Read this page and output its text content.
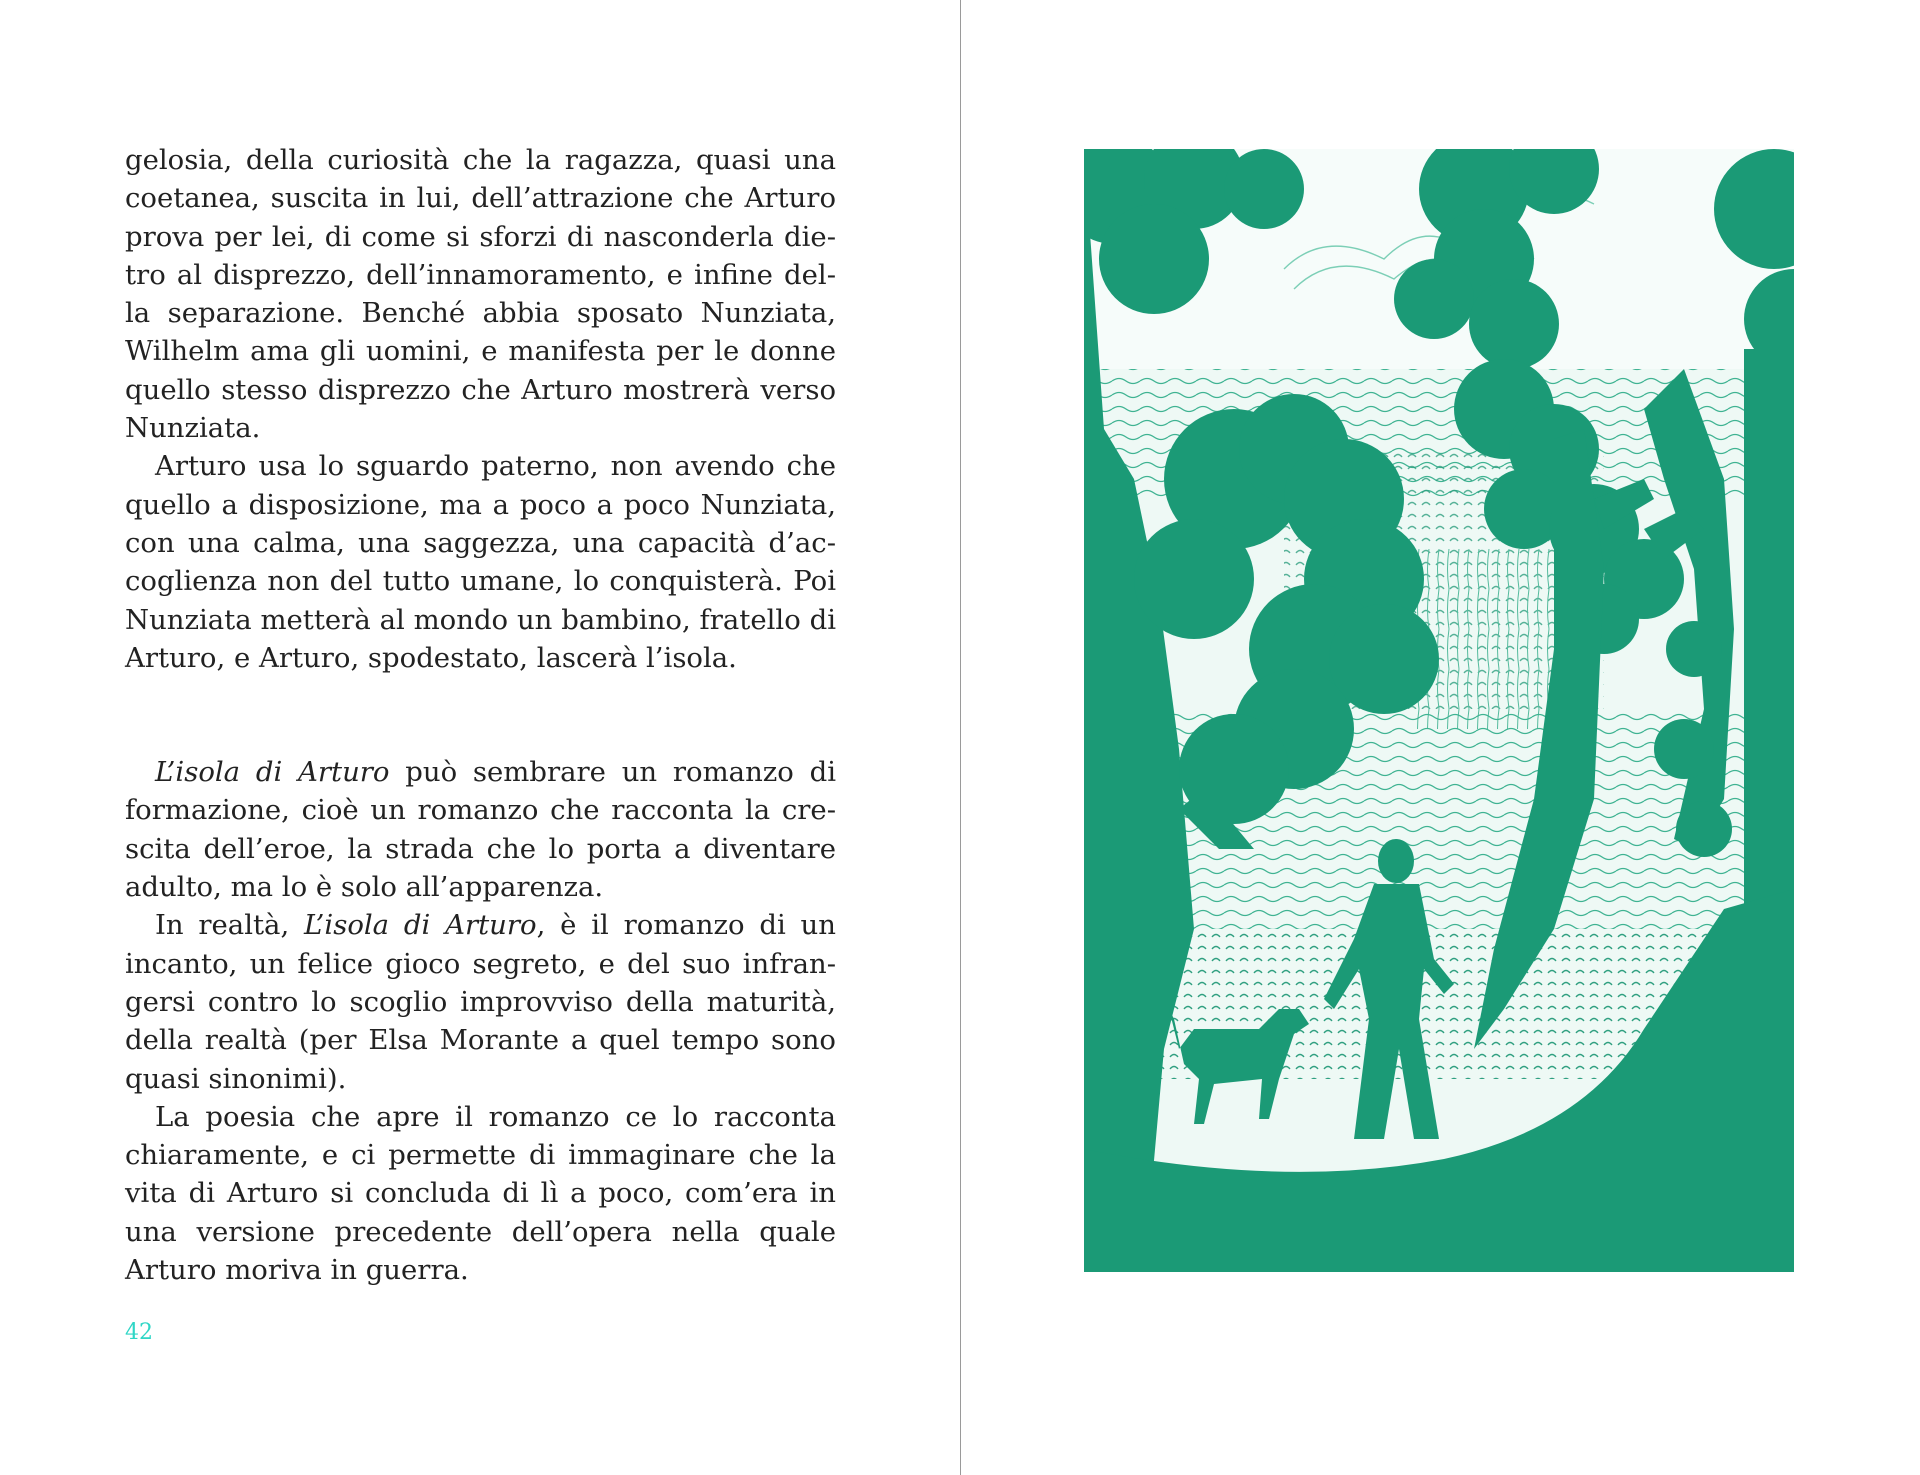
gelosia, della curiosità che la ragazza, quasi una coetanea, suscita in lui, dell’attrazione che Arturo prova per lei, di come si sforzi di nasconderla dietro al disprezzo, dell’innamoramento, e infine della separazione. Benché abbia sposato Nunziata, Wilhelm ama gli uomini, e manifesta per le donne quello stesso disprezzo che Arturo mostrerà verso Nunziata.

Arturo usa lo sguardo paterno, non avendo che quello a disposizione, ma a poco a poco Nunziata, con una calma, una saggezza, una capacità d’accoglienza non del tutto umane, lo conquisterà. Poi Nunziata metterà al mondo un bambino, fratello di Arturo, e Arturo, spodestato, lascerà l’isola.

L’isola di Arturo può sembrare un romanzo di formazione, cioè un romanzo che racconta la crescita dell’eroe, la strada che lo porta a diventare adulto, ma lo è solo all’apparenza.

In realtà, L’isola di Arturo, è il romanzo di un incanto, un felice gioco segreto, e del suo infrangersi contro lo scoglio improvviso della maturità, della realtà (per Elsa Morante a quel tempo sono quasi sinonimi).

La poesia che apre il romanzo ce lo racconta chiaramente, e ci permette di immaginare che la vita di Arturo si concluda di lì a poco, com’era in una versione precedente dell’opera nella quale Arturo moriva in guerra.

42
